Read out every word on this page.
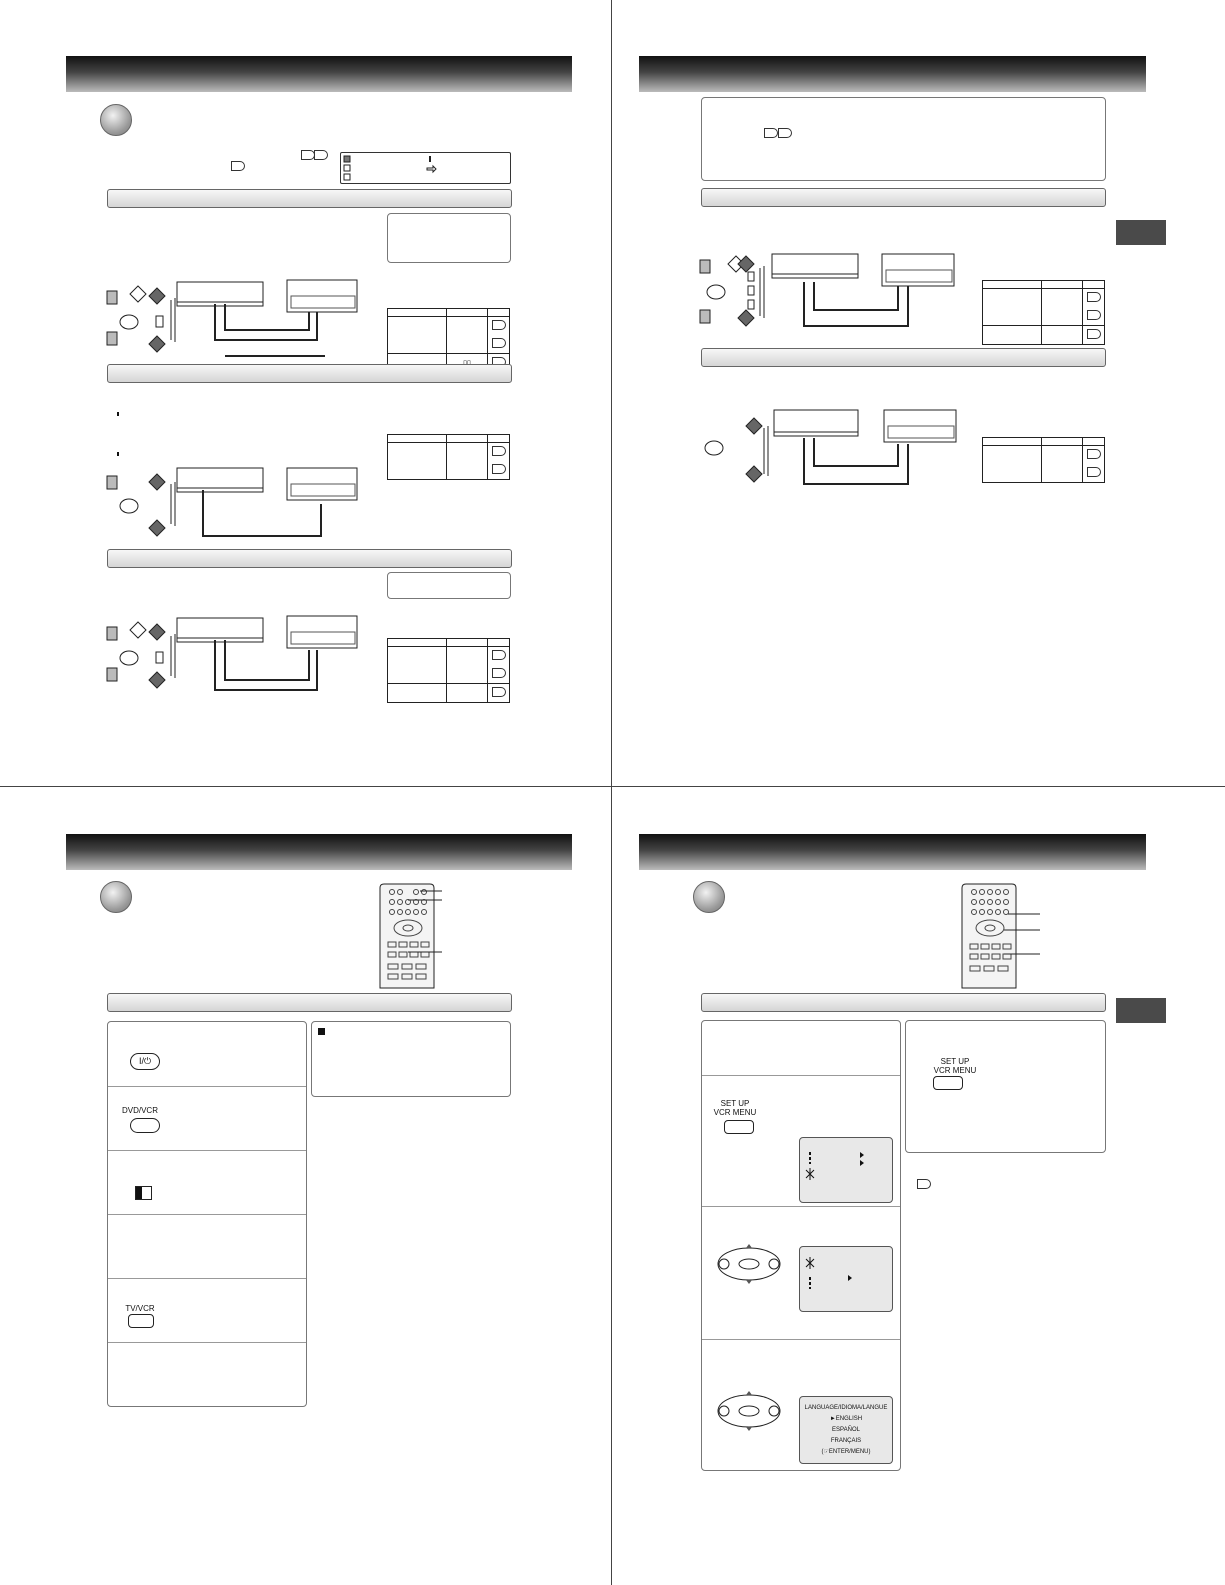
I/⏻
DVD/VCR
TV/VCR
SET UP
VCR MENU
LANGUAGE/IDIOMA/LANGUE
►ENGLISH
ESPAÑOL
FRANÇAIS
(☞ENTER/MENU)
SET UP
VCR MENU
